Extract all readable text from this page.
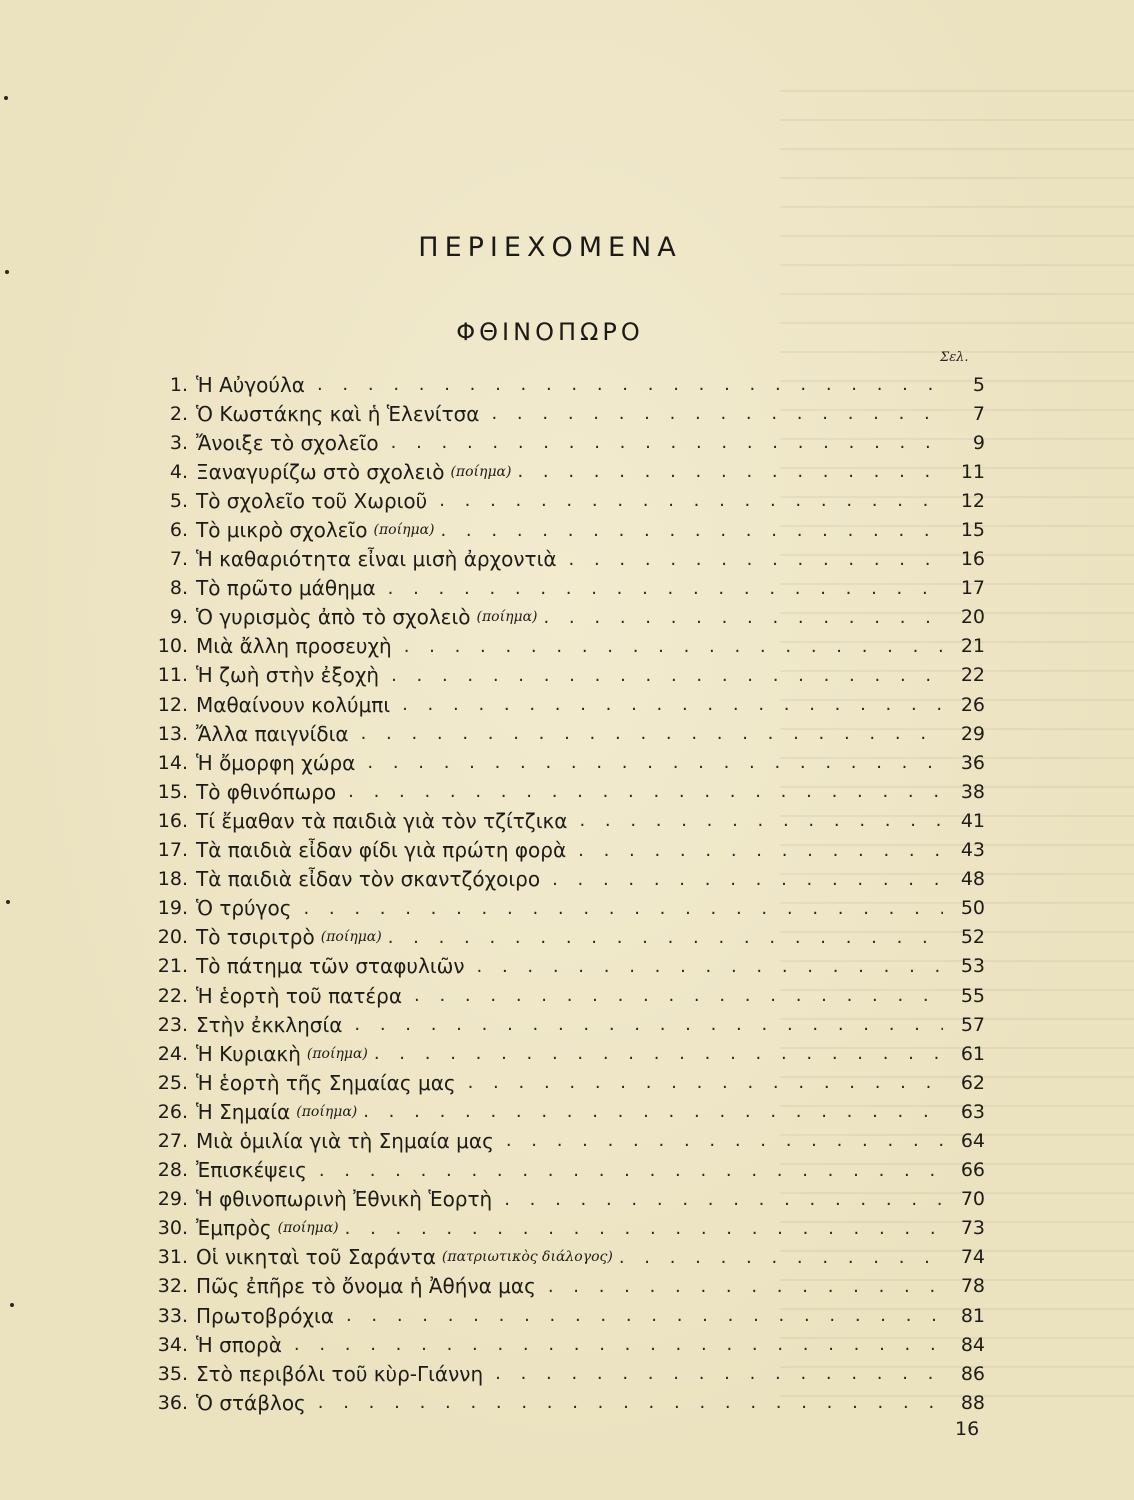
ΠΕΡΙΕΧΟΜΕΝΑ
ΦΘΙΝΟΠΩΡΟ
Σελ.
1. Ἡ Αὐγούλα . . .	5
2. Ὁ Κωστάκης καὶ ἡ Ἑλενίτσα . . .	7
3. Ἄνοιξε τὸ σχολεῖο . . .	9
4. Ξαναγυρίζω στὸ σχολειὸ (ποίημα) . . .	11
5. Τὸ σχολεῖο τοῦ Χωριοῦ . . .	12
6. Τὸ μικρὸ σχολεῖο (ποίημα) . . .	15
7. Ἡ καθαριότητα εἶναι μισὴ ἀρχοντιὰ . . .	16
8. Τὸ πρῶτο μάθημα . . .	17
9. Ὁ γυρισμὸς ἀπὸ τὸ σχολειὸ (ποίημα) . . .	20
10. Μιὰ ἄλλη προσευχὴ . . .	21
11. Ἡ ζωὴ στὴν ἐξοχὴ . . .	22
12. Μαθαίνουν κολύμπι . . .	26
13. Ἄλλα παιγνίδια . . .	29
14. Ἡ ὄμορφη χώρα . . .	36
15. Τὸ φθινόπωρο . . .	38
16. Τί ἔμαθαν τὰ παιδιὰ γιὰ τὸν τζίτζικα . . .	41
17. Τὰ παιδιὰ εἶδαν φίδι γιὰ πρώτη φορὰ . . .	43
18. Τὰ παιδιὰ εἶδαν τὸν σκαντζόχοιρο . . .	48
19. Ὁ τρύγος . . .	50
20. Τὸ τσιριτρὸ (ποίημα) . . .	52
21. Τὸ πάτημα τῶν σταφυλιῶν . . .	53
22. Ἡ ἑορτὴ τοῦ πατέρα . . .	55
23. Στὴν ἐκκλησία . . .	57
24. Ἡ Κυριακὴ (ποίημα) . . .	61
25. Ἡ ἑορτὴ τῆς Σημαίας μας . . .	62
26. Ἡ Σημαία (ποίημα) . . .	63
27. Μιὰ ὁμιλία γιὰ τὴ Σημαία μας . . .	64
28. Ἐπισκέψεις . . .	66
29. Ἡ φθινοπωρινὴ Ἐθνικὴ Ἑορτὴ . . .	70
30. Ἐμπρὸς (ποίημα) . . .	73
31. Οἱ νικηταὶ τοῦ Σαράντα (πατριωτικὸς διάλογος) . . .	74
32. Πῶς ἐπῆρε τὸ ὄνομα ἡ Ἀθήνα μας . . .	78
33. Πρωτοβρόχια . . .	81
34. Ἡ σπορὰ . . .	84
35. Στὸ περιβόλι τοῦ κὺρ-Γιάννη . . .	86
36. Ὁ στάβλος . . .	88
16
